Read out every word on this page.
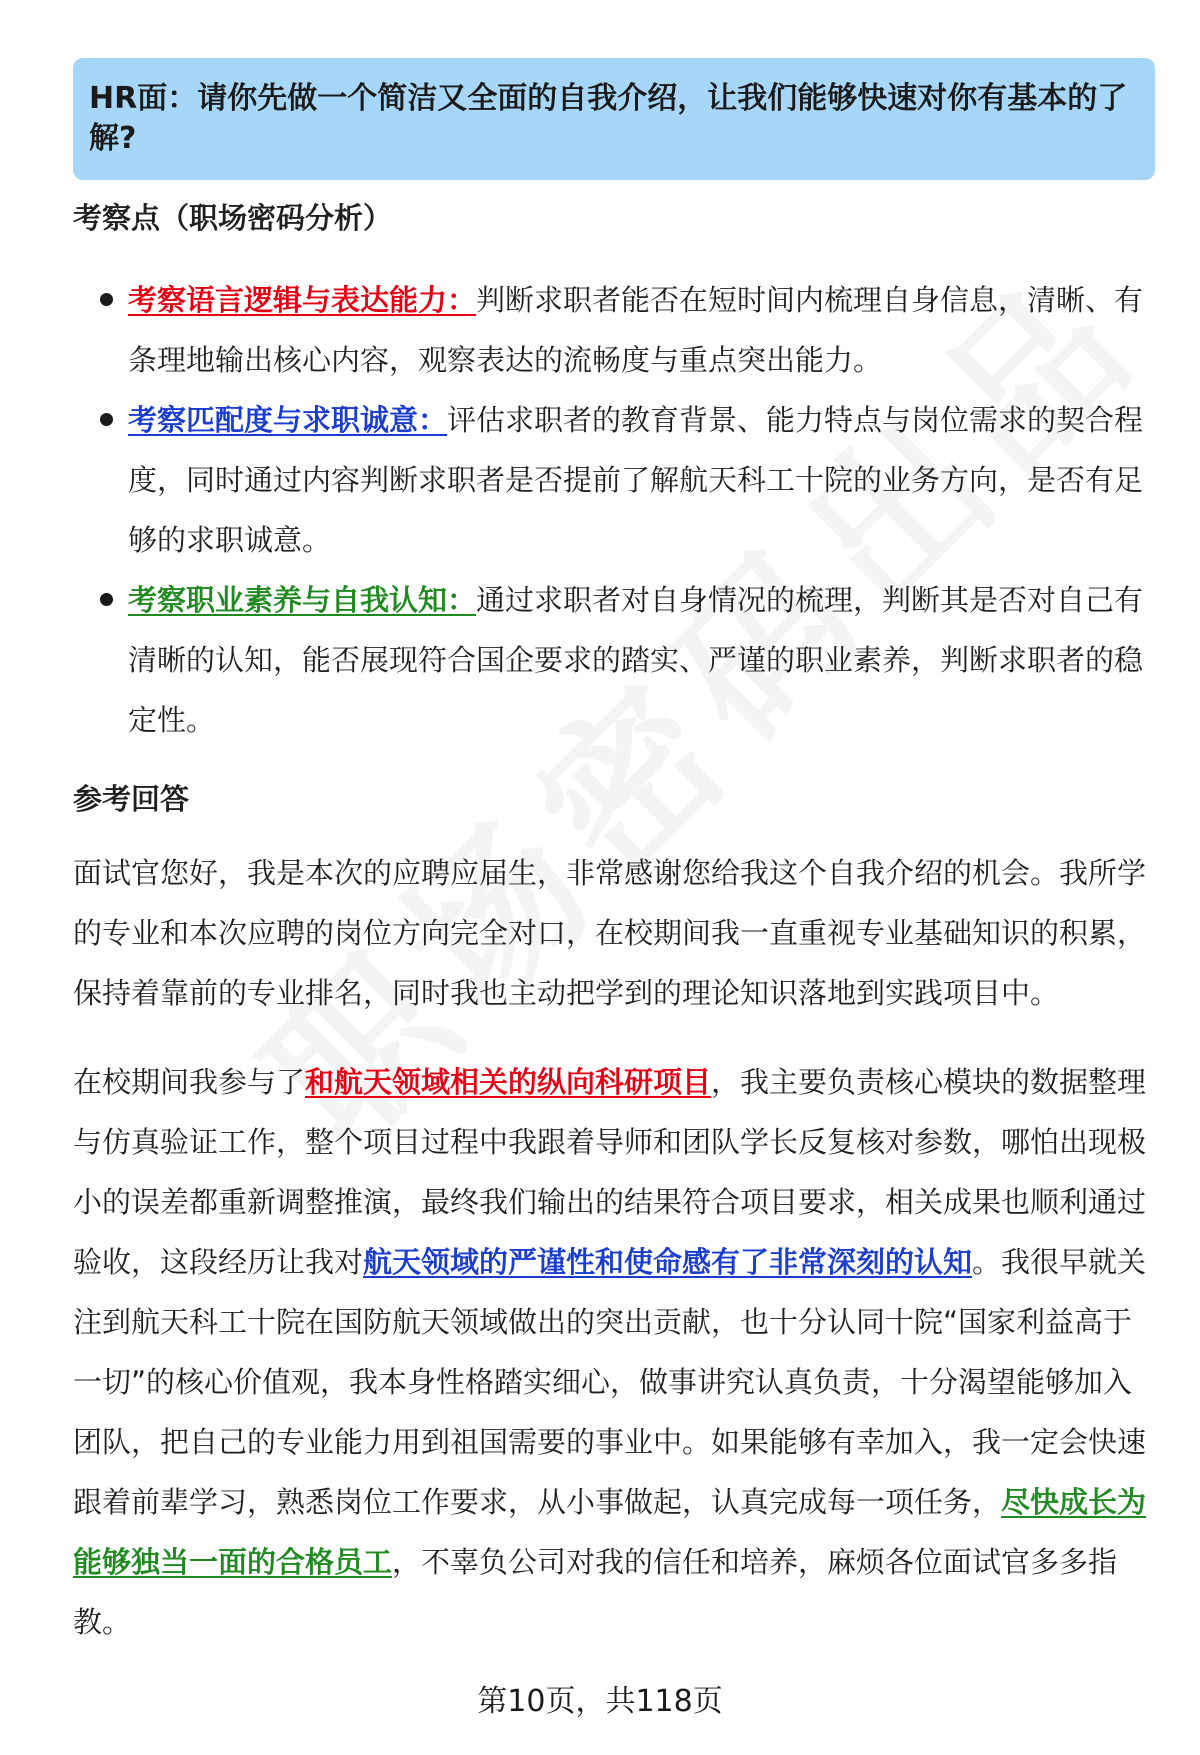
HR面：请你先做一个简洁又全面的自我介绍，让我们能够快速对你有基本的了解?
考察点（职场密码分析）
考察语言逻辑与表达能力：判断求职者能否在短时间内梳理自身信息，清晰、有条理地输出核心内容，观察表达的流畅度与重点突出能力。
考察匹配度与求职诚意：评估求职者的教育背景、能力特点与岗位需求的契合程度，同时通过内容判断求职者是否提前了解航天科工十院的业务方向，是否有足够的求职诚意。
考察职业素养与自我认知：通过求职者对自身情况的梳理，判断其是否对自己有清晰的认知，能否展现符合国企要求的踏实、严谨的职业素养，判断求职者的稳定性。
参考回答
面试官您好，我是本次的应聘应届生，非常感谢您给我这个自我介绍的机会。我所学的专业和本次应聘的岗位方向完全对口，在校期间我一直重视专业基础知识的积累，保持着靠前的专业排名，同时我也主动把学到的理论知识落地到实践项目中。
在校期间我参与了和航天领域相关的纵向科研项目，我主要负责核心模块的数据整理与仿真验证工作，整个项目过程中我跟着导师和团队学长反复核对参数，哪怕出现极小的误差都重新调整推演，最终我们输出的结果符合项目要求，相关成果也顺利通过验收，这段经历让我对航天领域的严谨性和使命感有了非常深刻的认知。我很早就关注到航天科工十院在国防航天领域做出的突出贡献，也十分认同十院“国家利益高于一切”的核心价值观，我本身性格踏实细心，做事讲究认真负责，十分渴望能够加入团队，把自己的专业能力用到祖国需要的事业中。如果能够有幸加入，我一定会快速跟着前辈学习，熟悉岗位工作要求，从小事做起，认真完成每一项任务，尽快成长为能够独当一面的合格员工，不辜负公司对我的信任和培养，麻烦各位面试官多多指教。
第10页，共118页
